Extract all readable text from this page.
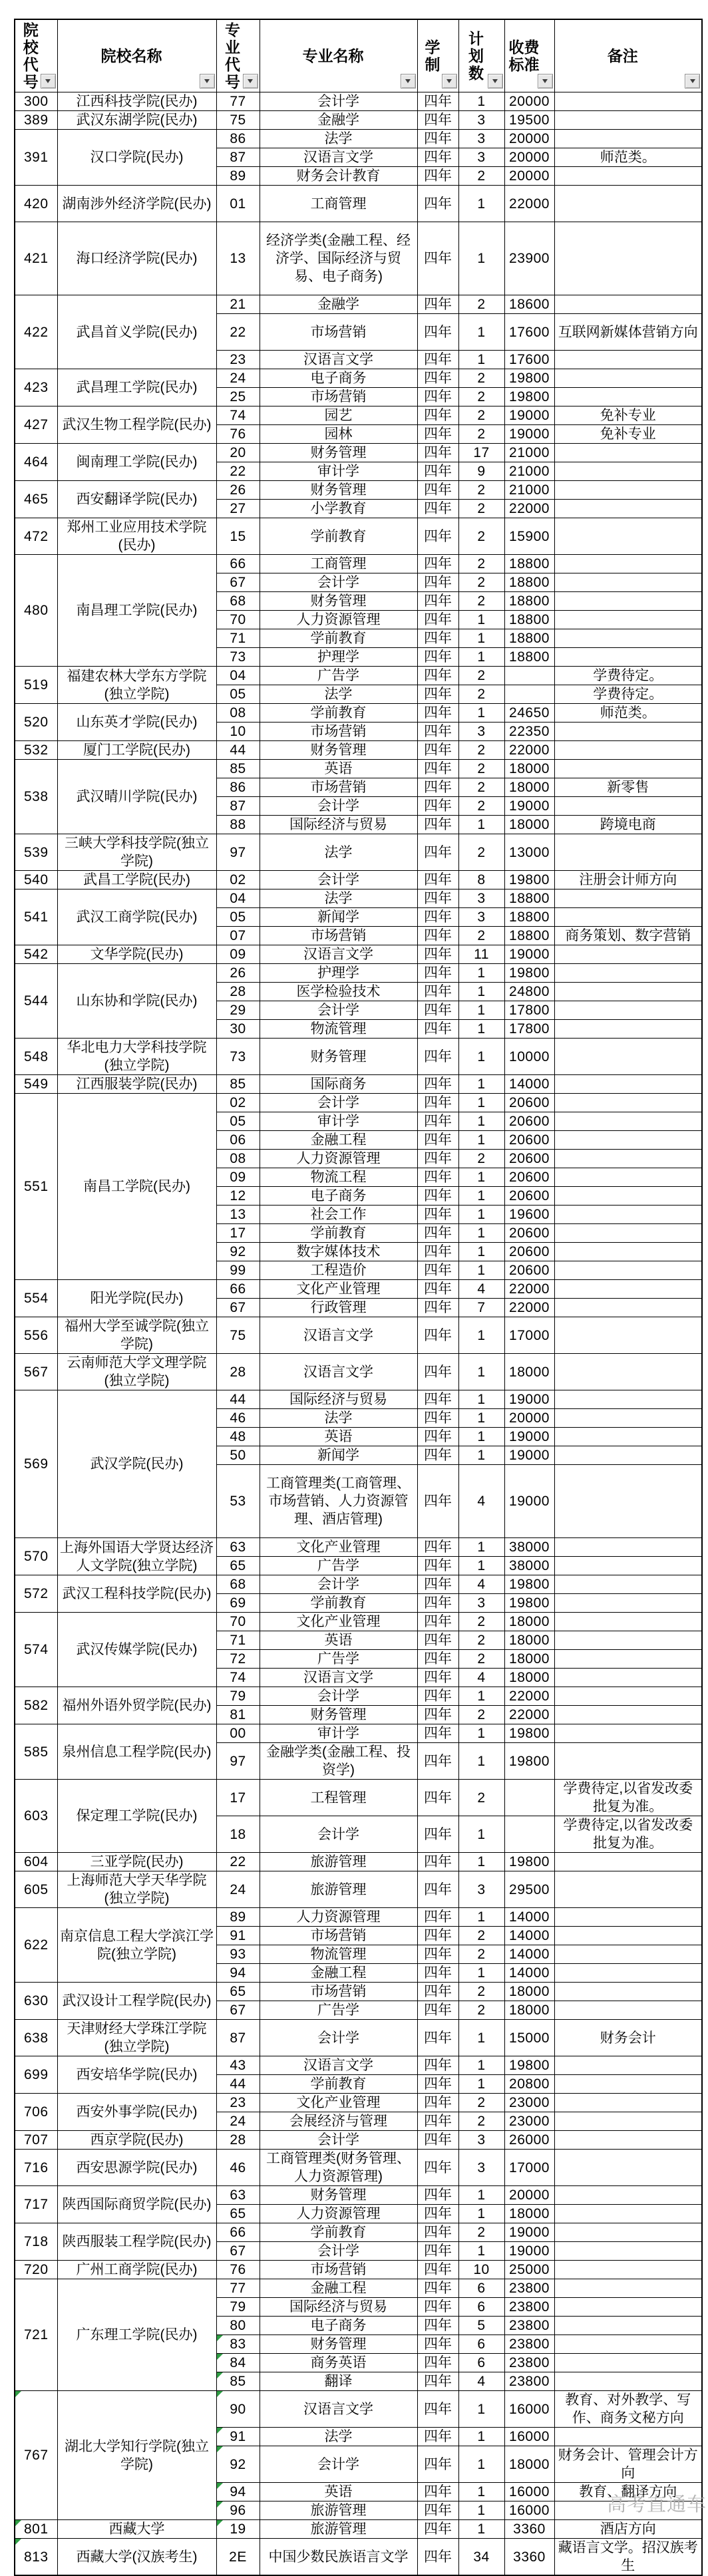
院校代号	院校名称	专业代号	专业名称	学制	计划数	收费标准	备注

300	江西科技学院(民办)	77	会计学	四年	1	20000	
389	武汉东湖学院(民办)	75	金融学	四年	3	19500	
391	汉口学院(民办)	86	法学	四年	3	20000	
		87	汉语言文学	四年	3	20000	师范类。
		89	财务会计教育	四年	2	20000	
420	湖南涉外经济学院(民办)	01	工商管理	四年	1	22000	
421	海口经济学院(民办)	13	经济学类(金融工程、经济学、国际经济与贸易、电子商务)	四年	1	23900	
422	武昌首义学院(民办)	21	金融学	四年	2	18600	
		22	市场营销	四年	1	17600	互联网新媒体营销方向
		23	汉语言文学	四年	1	17600	
423	武昌理工学院(民办)	24	电子商务	四年	2	19800	
		25	市场营销	四年	2	19800	
427	武汉生物工程学院(民办)	74	园艺	四年	2	19000	免补专业
		76	园林	四年	2	19000	免补专业
464	闽南理工学院(民办)	20	财务管理	四年	17	21000	
		22	审计学	四年	9	21000	
465	西安翻译学院(民办)	26	财务管理	四年	2	21000	
		27	小学教育	四年	2	22000	
472	郑州工业应用技术学院(民办)	15	学前教育	四年	2	15900	
480	南昌理工学院(民办)	66	工商管理	四年	2	18800	
		67	会计学	四年	2	18800	
		68	财务管理	四年	2	18800	
		70	人力资源管理	四年	1	18800	
		71	学前教育	四年	1	18800	
		73	护理学	四年	1	18800	
519	福建农林大学东方学院(独立学院)	04	广告学	四年	2		学费待定。
		05	法学	四年	2		学费待定。
520	山东英才学院(民办)	08	学前教育	四年	1	24650	师范类。
		10	市场营销	四年	3	22350	
532	厦门工学院(民办)	44	财务管理	四年	2	22000	
538	武汉晴川学院(民办)	85	英语	四年	2	18000	
		86	市场营销	四年	2	18000	新零售
		87	会计学	四年	2	19000	
		88	国际经济与贸易	四年	1	18000	跨境电商
539	三峡大学科技学院(独立学院)	97	法学	四年	2	13000	
540	武昌工学院(民办)	02	会计学	四年	8	19800	注册会计师方向
541	武汉工商学院(民办)	04	法学	四年	3	18800	
		05	新闻学	四年	3	18800	
		07	市场营销	四年	2	18800	商务策划、数字营销
542	文华学院(民办)	09	汉语言文学	四年	11	19000	
544	山东协和学院(民办)	26	护理学	四年	1	19800	
		28	医学检验技术	四年	1	24800	
		29	会计学	四年	1	17800	
		30	物流管理	四年	1	17800	
548	华北电力大学科技学院(独立学院)	73	财务管理	四年	1	10000	
549	江西服装学院(民办)	85	国际商务	四年	1	14000	
551	南昌工学院(民办)	02	会计学	四年	1	20600	
		05	审计学	四年	1	20600	
		06	金融工程	四年	1	20600	
		08	人力资源管理	四年	2	20600	
		09	物流工程	四年	1	20600	
		12	电子商务	四年	1	20600	
		13	社会工作	四年	1	19600	
		17	学前教育	四年	1	20600	
		92	数字媒体技术	四年	1	20600	
		99	工程造价	四年	1	20600	
554	阳光学院(民办)	66	文化产业管理	四年	4	22000	
		67	行政管理	四年	7	22000	
556	福州大学至诚学院(独立学院)	75	汉语言文学	四年	1	17000	
567	云南师范大学文理学院(独立学院)	28	汉语言文学	四年	1	18000	
569	武汉学院(民办)	44	国际经济与贸易	四年	1	19000	
		46	法学	四年	1	20000	
		48	英语	四年	1	19000	
		50	新闻学	四年	1	19000	
		53	工商管理类(工商管理、市场营销、人力资源管理、酒店管理)	四年	4	19000	
570	上海外国语大学贤达经济人文学院(独立学院)	63	文化产业管理	四年	1	38000	
		65	广告学	四年	1	38000	
572	武汉工程科技学院(民办)	68	会计学	四年	4	19800	
		69	学前教育	四年	3	19800	
574	武汉传媒学院(民办)	70	文化产业管理	四年	2	18000	
		71	英语	四年	2	18000	
		72	广告学	四年	2	18000	
		74	汉语言文学	四年	4	18000	
582	福州外语外贸学院(民办)	79	会计学	四年	1	22000	
		81	财务管理	四年	2	22000	
585	泉州信息工程学院(民办)	00	审计学	四年	1	19800	
		97	金融学类(金融工程、投资学)	四年	1	19800	
603	保定理工学院(民办)	17	工程管理	四年	2		学费待定,以省发改委批复为准。
		18	会计学	四年	1		学费待定,以省发改委批复为准。
604	三亚学院(民办)	22	旅游管理	四年	1	19800	
605	上海师范大学天华学院(独立学院)	24	旅游管理	四年	3	29500	
622	南京信息工程大学滨江学院(独立学院)	89	人力资源管理	四年	1	14000	
		91	市场营销	四年	2	14000	
		93	物流管理	四年	2	14000	
		94	金融工程	四年	1	14000	
630	武汉设计工程学院(民办)	65	市场营销	四年	2	18000	
		67	广告学	四年	2	18000	
638	天津财经大学珠江学院(独立学院)	87	会计学	四年	1	15000	财务会计
699	西安培华学院(民办)	43	汉语言文学	四年	1	19800	
		44	学前教育	四年	1	20800	
706	西安外事学院(民办)	23	文化产业管理	四年	2	23000	
		24	会展经济与管理	四年	2	23000	
707	西京学院(民办)	28	会计学	四年	3	26000	
716	西安思源学院(民办)	46	工商管理类(财务管理、人力资源管理)	四年	3	17000	
717	陕西国际商贸学院(民办)	63	财务管理	四年	1	20000	
		65	人力资源管理	四年	1	18000	
718	陕西服装工程学院(民办)	66	学前教育	四年	2	19000	
		67	会计学	四年	1	19000	
720	广州工商学院(民办)	76	市场营销	四年	10	25000	
721	广东理工学院(民办)	77	金融工程	四年	6	23800	
		79	国际经济与贸易	四年	6	23800	
		80	电子商务	四年	5	23800	
		83	财务管理	四年	6	23800	
		84	商务英语	四年	6	23800	
		85	翻译	四年	4	23800	
767	湖北大学知行学院(独立学院)	90	汉语言文学	四年	1	16000	教育、对外教学、写作、商务文秘方向
		91	法学	四年	1	16000	
		92	会计学	四年	1	18000	财务会计、管理会计方向
		94	英语	四年	1	16000	教育、翻译方向
		96	旅游管理	四年	1	16000	
801	西藏大学	19	旅游管理	四年	1	3360	酒店方向
813	西藏大学(汉族考生)	2E	中国少数民族语言文学	四年	34	3360	藏语言文学。招汉族考生
高考直通车
